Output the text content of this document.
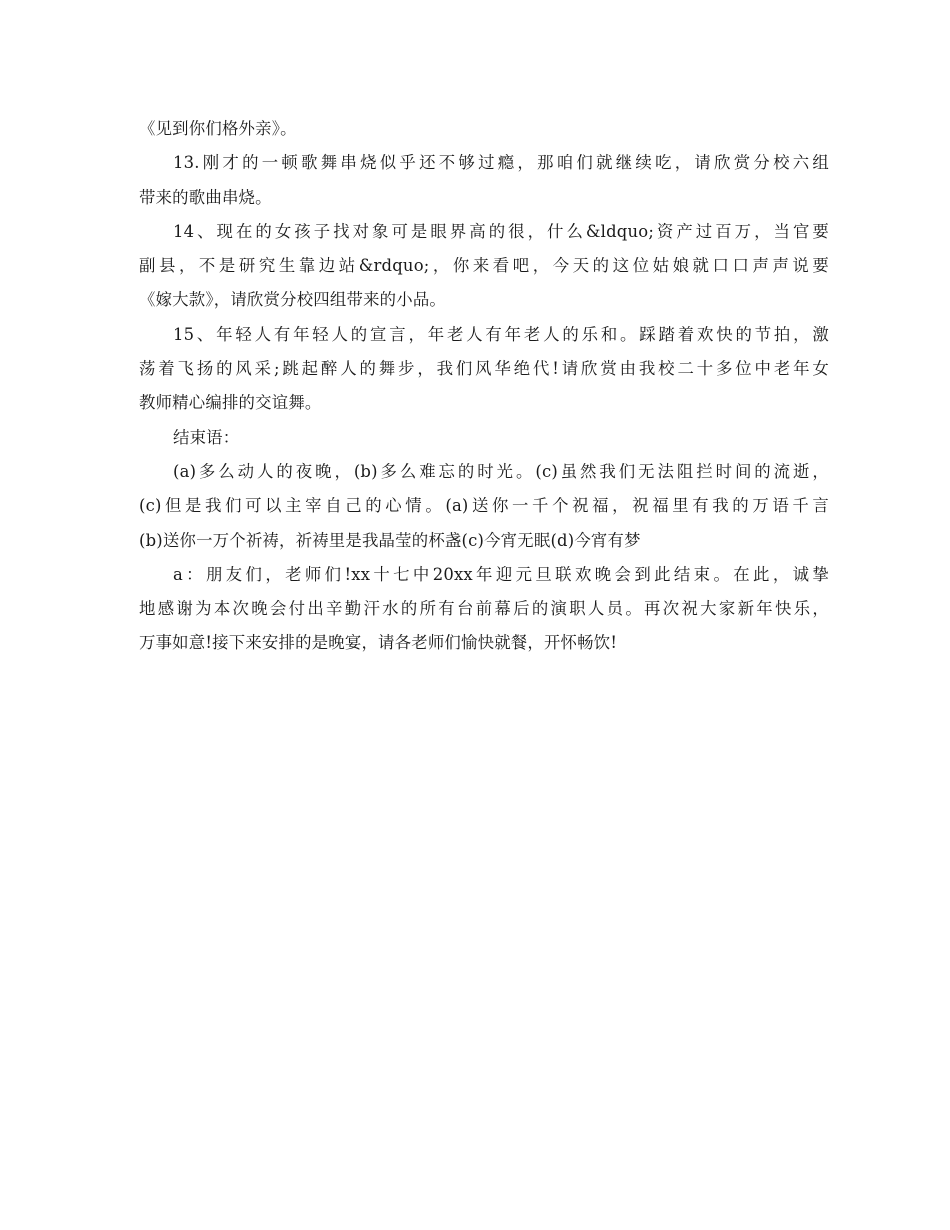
《见到你们格外亲》。
13.刚才的一顿歌舞串烧似乎还不够过瘾，那咱们就继续吃，请欣赏分校六组
带来的歌曲串烧。
14、现在的女孩子找对象可是眼界高的很，什么&ldquo;资产过百万，当官要
副县，不是研究生靠边站&rdquo;，你来看吧，今天的这位姑娘就口口声声说要
《嫁大款》，请欣赏分校四组带来的小品。
15、年轻人有年轻人的宣言，年老人有年老人的乐和。踩踏着欢快的节拍，激
荡着飞扬的风采;跳起醉人的舞步，我们风华绝代!请欣赏由我校二十多位中老年女
教师精心编排的交谊舞。
结束语：
(a)多么动人的夜晚，(b)多么难忘的时光。(c)虽然我们无法阻拦时间的流逝，
(c)但是我们可以主宰自己的心情。(a)送你一千个祝福，祝福里有我的万语千言
(b)送你一万个祈祷，祈祷里是我晶莹的杯盏(c)今宵无眠(d)今宵有梦
a：朋友们，老师们!xx十七中20xx年迎元旦联欢晚会到此结束。在此，诚挚
地感谢为本次晚会付出辛勤汗水的所有台前幕后的演职人员。再次祝大家新年快乐，
万事如意!接下来安排的是晚宴，请各老师们愉快就餐，开怀畅饮!
